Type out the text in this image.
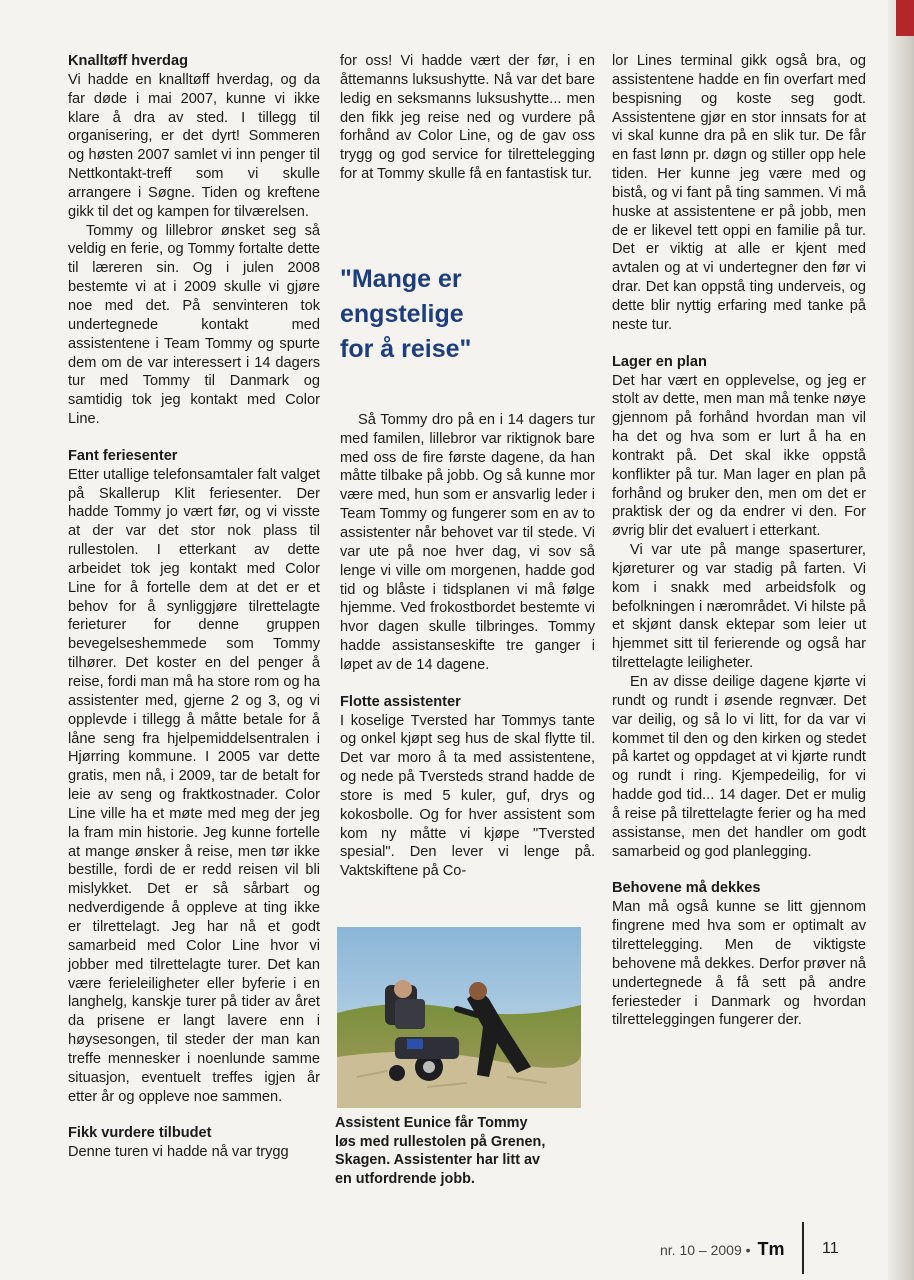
Knalltøff hverdag

Vi hadde en knalltøff hverdag, og da far døde i mai 2007, kunne vi ikke klare å dra av sted. I tillegg til organisering, er det dyrt! Sommeren og høsten 2007 samlet vi inn penger til Nettkontakt-treff som vi skulle arrangere i Søgne. Tiden og kreftene gikk til det og kampen for tilværelsen.

Tommy og lillebror ønsket seg så veldig en ferie, og Tommy fortalte dette til læreren sin. Og i julen 2008 bestemte vi at i 2009 skulle vi gjøre noe med det. På senvinteren tok undertegnede kontakt med assistentene i Team Tommy og spurte dem om de var interessert i 14 dagers tur med Tommy til Danmark og samtidig tok jeg kontakt med Color Line.

Fant feriesenter

Etter utallige telefonsamtaler falt valget på Skallerup Klit feriesenter. Der hadde Tommy jo vært før, og vi visste at der var det stor nok plass til rullestolen. I etterkant av dette arbeidet tok jeg kontakt med Color Line for å fortelle dem at det er et behov for å synliggjøre tilrettelagte ferieturer for denne gruppen bevegelseshemmede som Tommy tilhører. Det koster en del penger å reise, fordi man må ha store rom og ha assistenter med, gjerne 2 og 3, og vi opplevde i tillegg å måtte betale for å låne seng fra hjelpemiddelsentralen i Hjørring kommune. I 2005 var dette gratis, men nå, i 2009, tar de betalt for leie av seng og fraktkostnader. Color Line ville ha et møte med meg der jeg la fram min historie. Jeg kunne fortelle at mange ønsker å reise, men tør ikke bestille, fordi de er redd reisen vil bli mislykket. Det er så sårbart og nedverdigende å oppleve at ting ikke er tilrettelagt. Jeg har nå et godt samarbeid med Color Line hvor vi jobber med tilrettelagte turer. Det kan være ferieleiligheter eller byferie i en langhelg, kanskje turer på tider av året da prisene er langt lavere enn i høysesongen, til steder der man kan treffe mennesker i noenlunde samme situasjon, eventuelt treffes igjen år etter år og oppleve noe sammen.

Fikk vurdere tilbudet

Denne turen vi hadde nå var trygg

for oss! Vi hadde vært der før, i en åttemanns luksushytte. Nå var det bare ledig en seksmanns luksushytte... men den fikk jeg reise ned og vurdere på forhånd av Color Line, og de gav oss trygg og god service for tilrettelegging for at Tommy skulle få en fantastisk tur.

"Mange er
engstelige
for å reise"

Så Tommy dro på en i 14 dagers tur med familen, lillebror var riktignok bare med oss de fire første dagene, da han måtte tilbake på jobb. Og så kunne mor være med, hun som er ansvarlig leder i Team Tommy og fungerer som en av to assistenter når behovet var til stede. Vi var ute på noe hver dag, vi sov så lenge vi ville om morgenen, hadde god tid og blåste i tidsplanen vi må følge hjemme. Ved frokostbordet bestemte vi hvor dagen skulle tilbringes. Tommy hadde assistanseskifte tre ganger i løpet av de 14 dagene.

Flotte assistenter

I koselige Tversted har Tommys tante og onkel kjøpt seg hus de skal flytte til. Det var moro å ta med assistentene, og nede på Tversteds strand hadde de store is med 5 kuler, guf, drys og kokosbolle. Og for hver assistent som kom ny måtte vi kjøpe "Tversted spesial". Den lever vi lenge på. Vaktskiftene på Co-

Assistent Eunice får Tommy
løs med rullestolen på Grenen,
Skagen. Assistenter har litt av
en utfordrende jobb.

lor Lines terminal gikk også bra, og assistentene hadde en fin overfart med bespisning og koste seg godt. Assistentene gjør en stor innsats for at vi skal kunne dra på en slik tur. De får en fast lønn pr. døgn og stiller opp hele tiden. Her kunne jeg være med og bistå, og vi fant på ting sammen. Vi må huske at assistentene er på jobb, men de er likevel tett oppi en familie på tur. Det er viktig at alle er kjent med avtalen og at vi undertegner den før vi drar. Det kan oppstå ting underveis, og dette blir nyttig erfaring med tanke på neste tur.

Lager en plan

Det har vært en opplevelse, og jeg er stolt av dette, men man må tenke nøye gjennom på forhånd hvordan man vil ha det og hva som er lurt å ha en kontrakt på. Det skal ikke oppstå konflikter på tur. Man lager en plan på forhånd og bruker den, men om det er praktisk der og da endrer vi den. For øvrig blir det evaluert i etterkant.

Vi var ute på mange spaserturer, kjøreturer og var stadig på farten. Vi kom i snakk med arbeidsfolk og befolkningen i nærområdet. Vi hilste på et skjønt dansk ektepar som leier ut hjemmet sitt til ferierende og også har tilrettelagte leiligheter.

En av disse deilige dagene kjørte vi rundt og rundt i øsende regnvær. Det var deilig, og så lo vi litt, for da var vi kommet til den og den kirken og stedet på kartet og oppdaget at vi kjørte rundt og rundt i ring. Kjempedeilig, for vi hadde god tid... 14 dager. Det er mulig å reise på tilrettelagte ferier og ha med assistanse, men det handler om godt samarbeid og god planlegging.

Behovene må dekkes

Man må også kunne se litt gjennom fingrene med hva som er optimalt av tilrettelegging. Men de viktigste behovene må dekkes. Derfor prøver nå undertegnede å få sett på andre feriesteder i Danmark og hvordan tilretteleggingen fungerer der.

nr. 10 – 2009 • Tm 11
